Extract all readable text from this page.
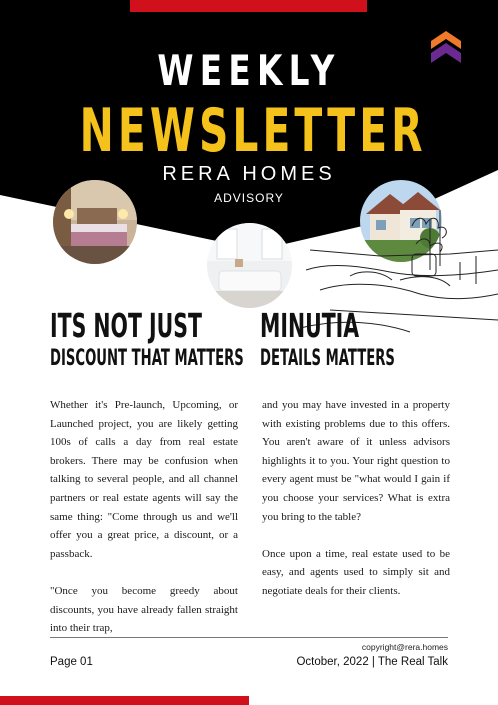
WEEKLY
NEWSLETTER
RERA HOMES
ADVISORY
ITS NOT JUST
DISCOUNT THAT MATTERS
MINUTIA
DETAILS MATTERS

Whether it's Pre-launch, Upcoming, or Launched project, you are likely getting 100s of calls a day from real estate brokers. There may be confusion when talking to several people, and all channel partners or real estate agents will say the same thing: "Come through us and we'll offer you a great price, a discount, or a passback.

"Once you become greedy about discounts, you have already fallen straight into their trap,

and you may have invested in a property with existing problems due to this offers. You aren't aware of it unless advisors highlights it to you. Your right question to every agent must be "what would I gain if you choose your services? What is extra you bring to the table?

Once upon a time, real estate used to be easy, and agents used to simply sit and negotiate deals for their clients.

copyright@rera.homes
Page 01	October, 2022 | The Real Talk
